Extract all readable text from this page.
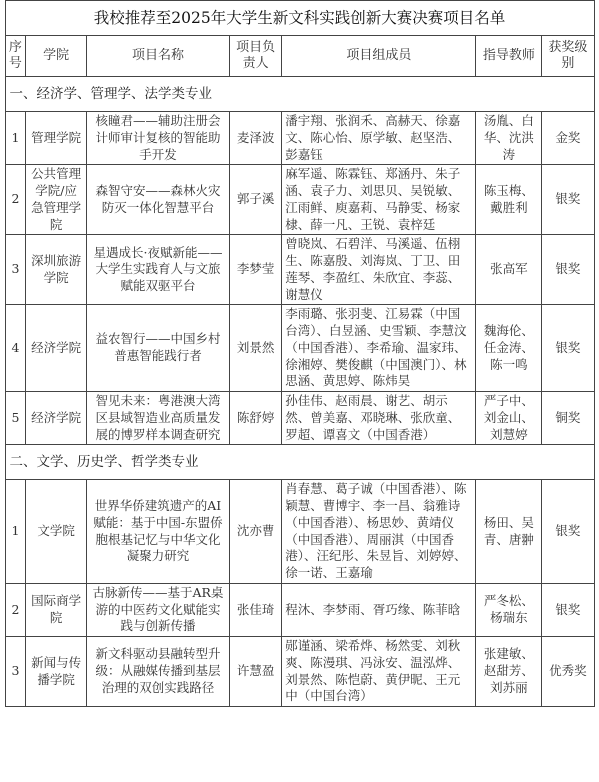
我校推荐至2025年大学生新文科实践创新大赛决赛项目名单						
序号	学院	项目名称	项目负责人	项目组成员	指导教师	获奖级别
一、经济学、管理学、法学类专业						
1	管理学院	核瞳君——辅助注册会计师审计复核的智能助手开发	麦泽波	潘宇翔、张润禾、高赫天、徐嘉文、陈心怡、原学敏、赵坚浩、彭嘉钰	汤胤、白华、沈洪涛	金奖
2	公共管理学院/应急管理学院	森智守安——森林火灾防灭一体化智慧平台	郭子溪	麻军遥、陈霖钰、郑涵丹、朱子涵、袁子力、刘思贝、吴锐敏、江雨鲜、庾嘉莉、马静雯、杨家棣、薛一凡、王锐、袁梓廷	陈玉梅、戴胜利	银奖
3	深圳旅游学院	星遇成长·夜赋新能——大学生实践育人与文旅赋能双驱平台	李梦莹	曾晓岚、石碧洋、马溪遥、伍栩生、陈嘉殷、刘海岚、丁卫、田莲琴、李盈红、朱欣宜、李蕊、谢慧仪	张高军	银奖
4	经济学院	益农智行——中国乡村普惠智能践行者	刘景然	李雨璐、张羽斐、江易霖（中国台湾）、白昱涵、史雪颖、李慧汶（中国香港）、李希瑜、温家玮、徐湘婷、樊俊麒（中国澳门）、林思涵、黄思婷、陈炜昊	魏海伦、任金涛、陈一鸣	银奖
5	经济学院	智见未来：粤港澳大湾区县域智造业高质量发展的博罗样本调查研究	陈舒婷	孙佳伟、赵雨晨、谢艺、胡示然、曾美嘉、邓晓琳、张欣童、罗超、谭喜文（中国香港）	严子中、刘金山、刘慧婷	铜奖
二、文学、历史学、哲学类专业						
1	文学院	世界华侨建筑遗产的AI赋能：基于中国-东盟侨胞根基记忆与中华文化凝聚力研究	沈亦曹	肖春慧、葛子诚（中国香港）、陈颖慧、曹博宇、李一昌、翁雅诗（中国香港）、杨思妙、黄靖仪（中国香港）、周丽淇（中国香港）、汪纪彤、朱昱旨、刘婷婷、徐一诺、王嘉瑜	杨田、吴青、唐翀	银奖
2	国际商学院	古脉新传——基于AR桌游的中医药文化赋能实践与创新传播	张佳琦	程沐、李梦雨、胥巧缘、陈菲晗	严冬松、杨瑞东	银奖
3	新闻与传播学院	新文科驱动县融转型升级：从融媒传播到基层治理的双创实践路径	许慧盈	郧谨涵、梁希烨、杨然雯、刘秋爽、陈漫琪、冯泳安、温泓烨、刘景然、陈恺蔚、黄伊昵、王元中（中国台湾）	张建敏、赵甜芳、刘苏丽	优秀奖
